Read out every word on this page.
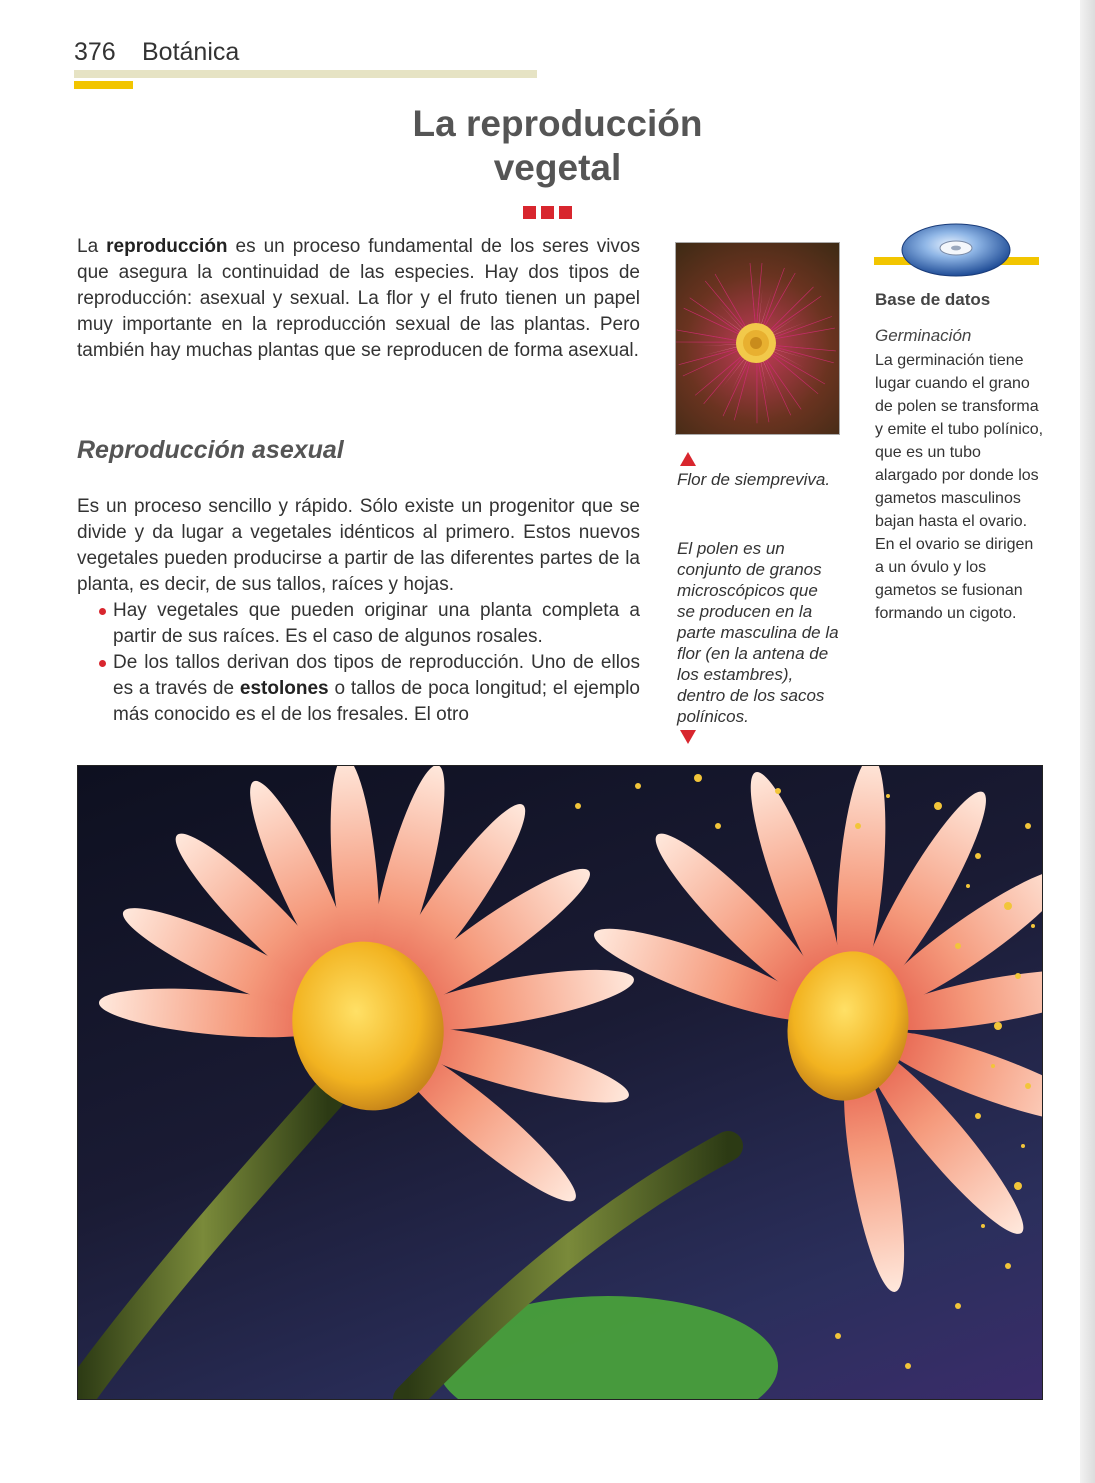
376 Botánica
La reproducción
vegetal
La reproducción es un proceso fundamental de los seres vivos que asegura la continuidad de las especies. Hay dos tipos de reproducción: asexual y sexual. La flor y el fruto tienen un papel muy importante en la reproducción sexual de las plantas. Pero también hay muchas plantas que se reproducen de forma asexual.
Reproducción asexual
Es un proceso sencillo y rápido. Sólo existe un progenitor que se divide y da lugar a vegetales idénticos al primero. Estos nuevos vegetales pueden producirse a partir de las diferentes partes de la planta, es decir, de sus tallos, raíces y hojas.
Hay vegetales que pueden originar una planta completa a partir de sus raíces. Es el caso de algunos rosales.
De los tallos derivan dos tipos de reproducción. Uno de ellos es a través de estolones o tallos de poca longitud; el ejemplo más conocido es el de los fresales. El otro
Flor de siempreviva.
El polen es un conjunto de granos microscópicos que se producen en la parte masculina de la flor (en la antena de los estambres), dentro de los sacos polínicos.
Base de datos
Germinación
La germinación tiene lugar cuando el grano de polen se transforma y emite el tubo polínico, que es un tubo alargado por donde los gametos masculinos bajan hasta el ovario. En el ovario se dirigen a un óvulo y los gametos se fusionan formando un cigoto.
